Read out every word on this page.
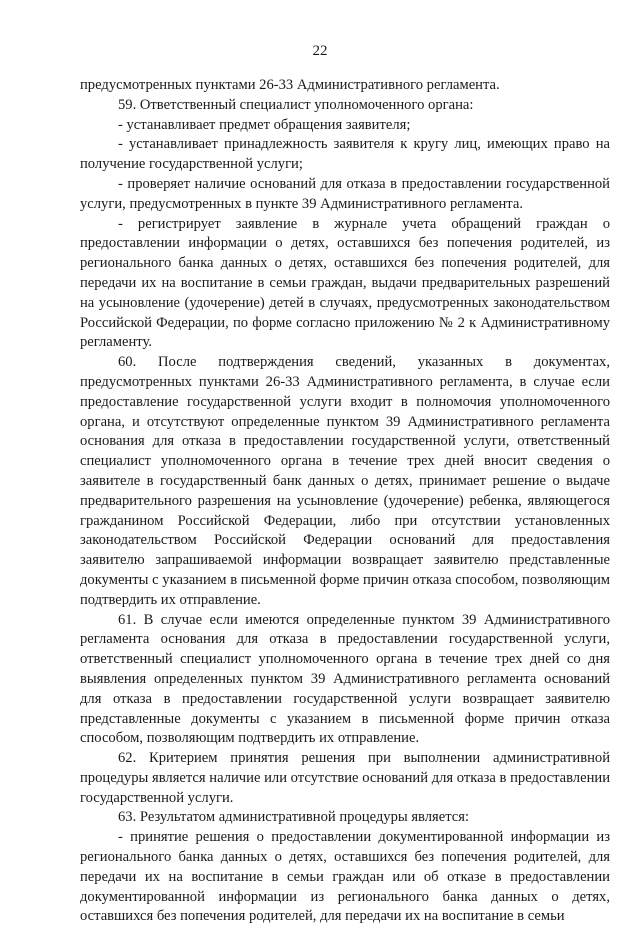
22

предусмотренных пунктами 26-33 Административного регламента.

59. Ответственный специалист уполномоченного органа:

- устанавливает предмет обращения заявителя;

- устанавливает принадлежность заявителя к кругу лиц, имеющих право на получение государственной услуги;

- проверяет наличие оснований для отказа в предоставлении государственной услуги, предусмотренных в пункте 39 Административного регламента.

- регистрирует заявление в журнале учета обращений граждан о предоставлении информации о детях, оставшихся без попечения родителей, из регионального банка данных о детях, оставшихся без попечения родителей, для передачи их на воспитание в семьи граждан, выдачи предварительных разрешений на усыновление (удочерение) детей в случаях, предусмотренных законодательством Российской Федерации, по форме согласно приложению № 2 к Административному регламенту.

60. После подтверждения сведений, указанных в документах, предусмотренных пунктами 26-33 Административного регламента, в случае если предоставление государственной услуги входит в полномочия уполномоченного органа, и отсутствуют определенные пунктом 39 Административного регламента основания для отказа в предоставлении государственной услуги, ответственный специалист уполномоченного органа в течение трех дней вносит сведения о заявителе в государственный банк данных о детях, принимает решение о выдаче предварительного разрешения на усыновление (удочерение) ребенка, являющегося гражданином Российской Федерации, либо при отсутствии установленных законодательством Российской Федерации оснований для предоставления заявителю запрашиваемой информации возвращает заявителю представленные документы с указанием в письменной форме причин отказа способом, позволяющим подтвердить их отправление.

61. В случае если имеются определенные пунктом 39 Административного регламента основания для отказа в предоставлении государственной услуги, ответственный специалист уполномоченного органа в течение трех дней со дня выявления определенных пунктом 39 Административного регламента оснований для отказа в предоставлении государственной услуги возвращает заявителю представленные документы с указанием в письменной форме причин отказа способом, позволяющим подтвердить их отправление.

62. Критерием принятия решения при выполнении административной процедуры является наличие или отсутствие оснований для отказа в предоставлении государственной услуги.

63. Результатом административной процедуры является:

- принятие решения о предоставлении документированной информации из регионального банка данных о детях, оставшихся без попечения родителей, для передачи их на воспитание в семьи граждан или об отказе в предоставлении документированной информации из регионального банка данных о детях, оставшихся без попечения родителей, для передачи их на воспитание в семьи
